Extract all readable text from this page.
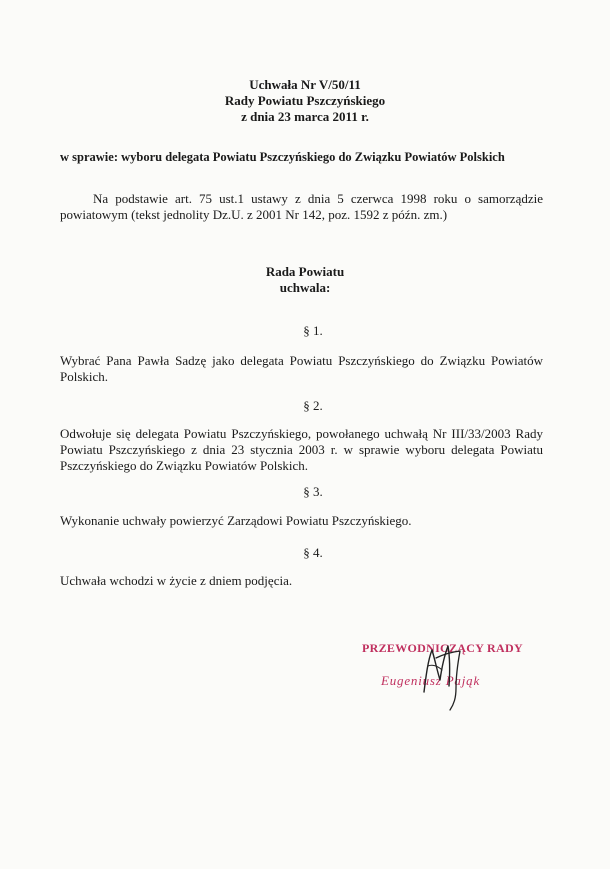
Uchwała Nr V/50/11
Rady Powiatu Pszczyńskiego
z dnia 23 marca 2011 r.
w sprawie: wyboru delegata Powiatu Pszczyńskiego do Związku Powiatów Polskich
Na podstawie art. 75 ust.1 ustawy z dnia 5 czerwca 1998 roku o samorządzie
powiatowym (tekst jednolity Dz.U. z 2001 Nr 142, poz. 1592 z późn. zm.)
Rada Powiatu
uchwala:
§ 1.
Wybrać Pana Pawła Sadzę jako delegata Powiatu Pszczyńskiego do Związku Powiatów
Polskich.
§ 2.
Odwołuje się delegata Powiatu Pszczyńskiego, powołanego uchwałą Nr III/33/2003 Rady
Powiatu Pszczyńskiego z dnia 23 stycznia 2003 r. w sprawie wyboru delegata Powiatu
Pszczyńskiego do Związku Powiatów Polskich.
§ 3.
Wykonanie uchwały powierzyć Zarządowi Powiatu Pszczyńskiego.
§ 4.
Uchwała wchodzi w życie z dniem podjęcia.
PRZEWODNICZĄCY RADY
Eugeniusz Pająk
